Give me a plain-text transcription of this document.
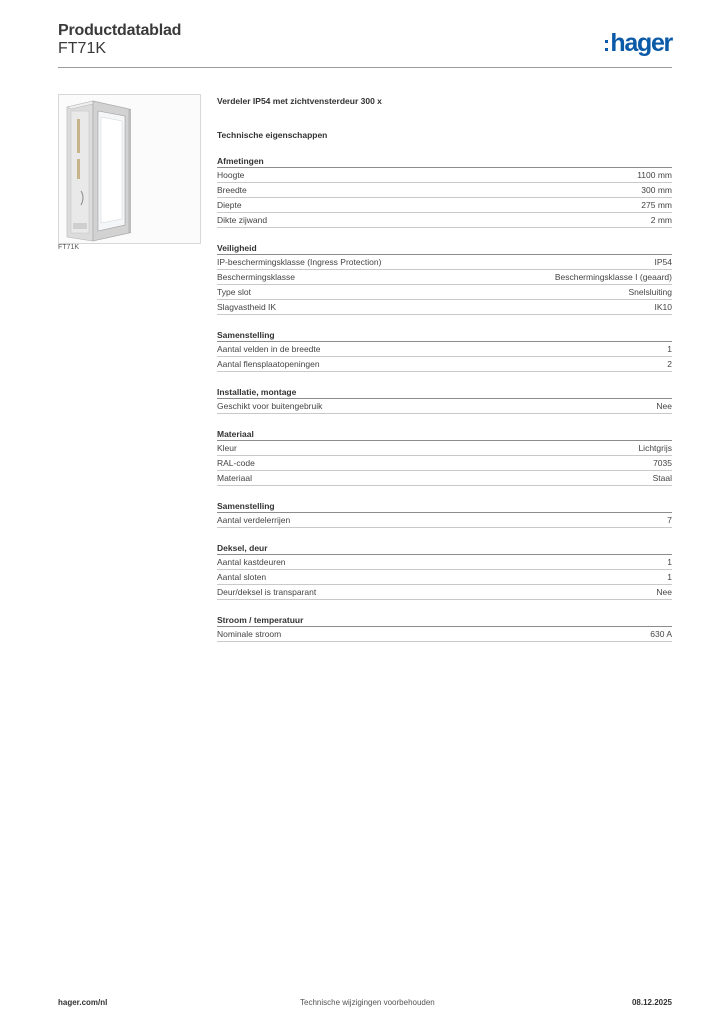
Productdatablad
FT71K	hager
FT71K
Verdeler IP54 met zichtvensterdeur 300 x
Technische eigenschappen
Afmetingen
Hoogte	1100 mm
Breedte	300 mm
Diepte	275 mm
Dikte zijwand	2 mm
Veiligheid
IP-beschermingsklasse (Ingress Protection)	IP54
Beschermingsklasse	Beschermingsklasse I (geaard)
Type slot	Snelsluiting
Slagvastheid IK	IK10
Samenstelling
Aantal velden in de breedte	1
Aantal flensplaatopeningen	2
Installatie, montage
Geschikt voor buitengebruik	Nee
Materiaal
Kleur	Lichtgrijs
RAL-code	7035
Materiaal	Staal
Samenstelling
Aantal verdelerrijen	7
Deksel, deur
Aantal kastdeuren	1
Aantal sloten	1
Deur/deksel is transparant	Nee
Stroom / temperatuur
Nominale stroom	630 A
hager.com/nl	Technische wijzigingen voorbehouden	08.12.2025
